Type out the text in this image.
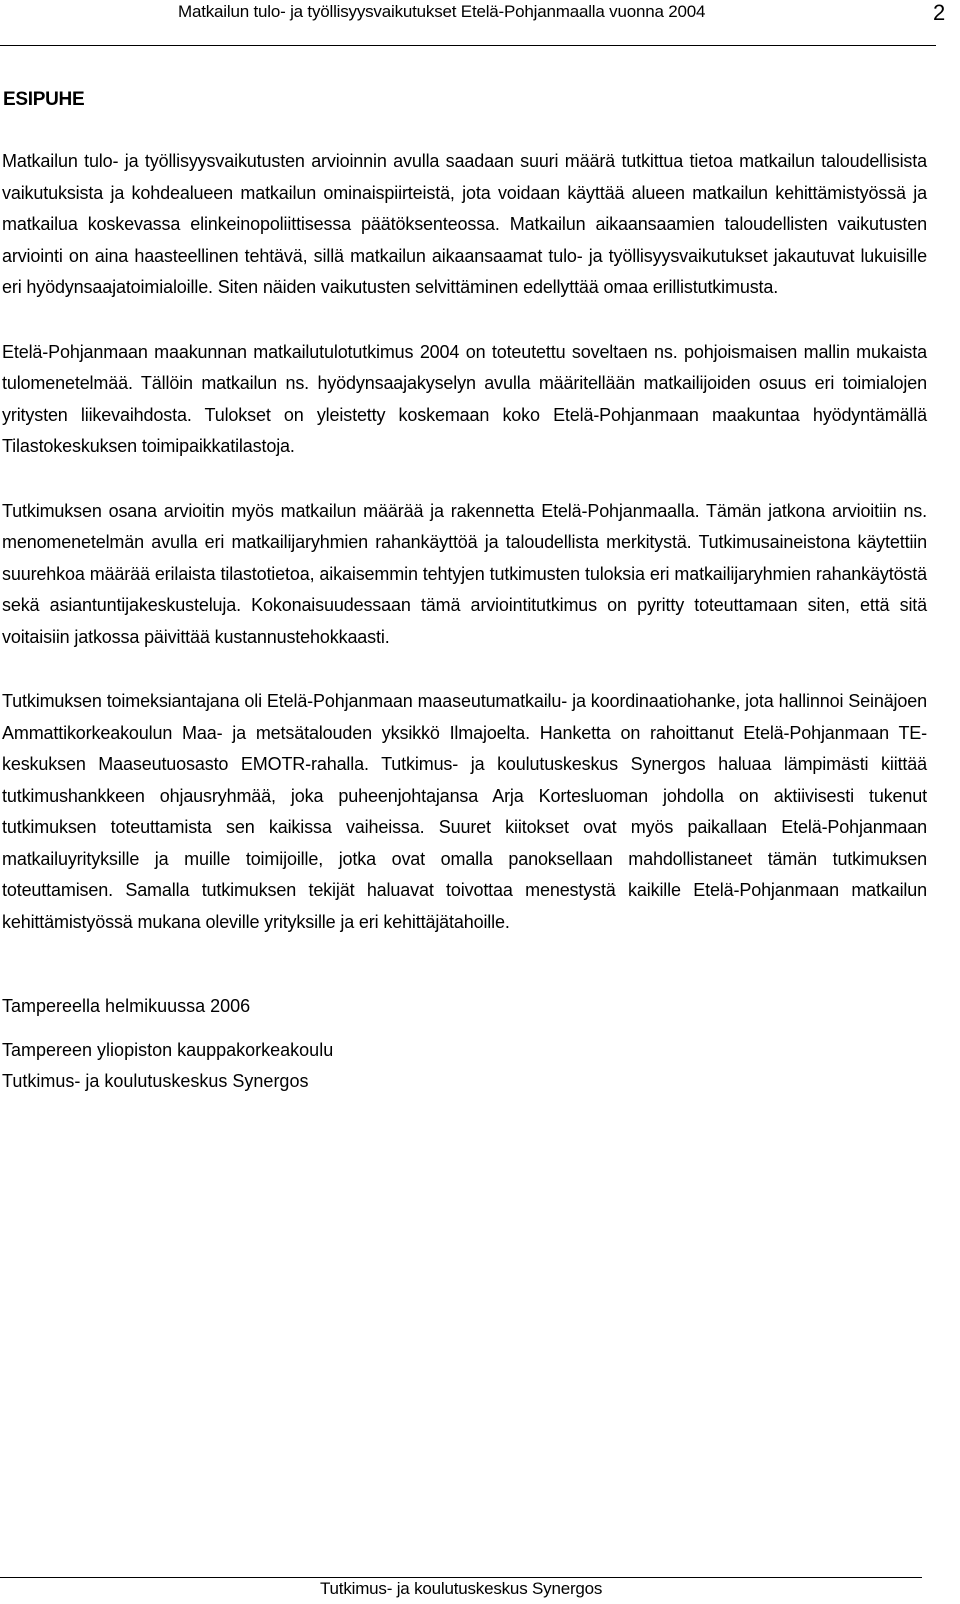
Matkailun tulo- ja työllisyysvaikutukset Etelä-Pohjanmaalla vuonna 2004	2
ESIPUHE

Matkailun tulo- ja työllisyysvaikutusten arvioinnin avulla saadaan suuri määrä tutkittua tietoa matkailun taloudellisista vaikutuksista ja kohdealueen matkailun ominaispiirteistä, jota voidaan käyttää alueen matkailun kehittämistyössä ja matkailua koskevassa elinkeinopoliittisessa päätöksenteossa. Matkailun aikaansaamien taloudellisten vaikutusten arviointi on aina haasteellinen tehtävä, sillä matkailun aikaansaamat tulo- ja työllisyysvaikutukset jakautuvat lukuisille eri hyödynsaajatoimialoille. Siten näiden vaikutusten selvittäminen edellyttää omaa erillistutkimusta.

Etelä-Pohjanmaan maakunnan matkailutulotutkimus 2004 on toteutettu soveltaen ns. pohjoismaisen mallin mukaista tulomenetelmää. Tällöin matkailun ns. hyödynsaajakyselyn avulla määritellään matkailijoiden osuus eri toimialojen yritysten liikevaihdosta. Tulokset on yleistetty koskemaan koko Etelä-Pohjanmaan maakuntaa hyödyntämällä Tilastokeskuksen toimipaikkatilastoja.

Tutkimuksen osana arvioitin myös matkailun määrää ja rakennetta Etelä-Pohjanmaalla. Tämän jatkona arvioitiin ns. menomenetelmän avulla eri matkailijaryhmien rahankäyttöä ja taloudellista merkitystä. Tutkimusaineistona käytettiin suurehkoa määrää erilaista tilastotietoa, aikaisemmin tehtyjen tutkimusten tuloksia eri matkailijaryhmien rahankäytöstä sekä asiantuntijakeskusteluja. Kokonaisuudessaan tämä arviointitutkimus on pyritty toteuttamaan siten, että sitä voitaisiin jatkossa päivittää kustannustehokkaasti.

Tutkimuksen toimeksiantajana oli Etelä-Pohjanmaan maaseutumatkailu- ja koordinaatiohanke, jota hallinnoi Seinäjoen Ammattikorkeakoulun Maa- ja metsätalouden yksikkö Ilmajoelta. Hanketta on rahoittanut Etelä-Pohjanmaan TE-keskuksen Maaseutuosasto EMOTR-rahalla. Tutkimus- ja koulutuskeskus Synergos haluaa lämpimästi kiittää tutkimushankkeen ohjausryhmää, joka puheenjohtajansa Arja Kortesluoman johdolla on aktiivisesti tukenut tutkimuksen toteuttamista sen kaikissa vaiheissa. Suuret kiitokset ovat myös paikallaan Etelä-Pohjanmaan matkailuyrityksille ja muille toimijoille, jotka ovat omalla panoksellaan mahdollistaneet tämän tutkimuksen toteuttamisen. Samalla tutkimuksen tekijät haluavat toivottaa menestystä kaikille Etelä-Pohjanmaan matkailun kehittämistyössä mukana oleville yrityksille ja eri kehittäjätahoille.

Tampereella helmikuussa 2006

Tampereen yliopiston kauppakorkeakoulu

Tutkimus- ja koulutuskeskus Synergos

Tutkimus- ja koulutuskeskus Synergos
